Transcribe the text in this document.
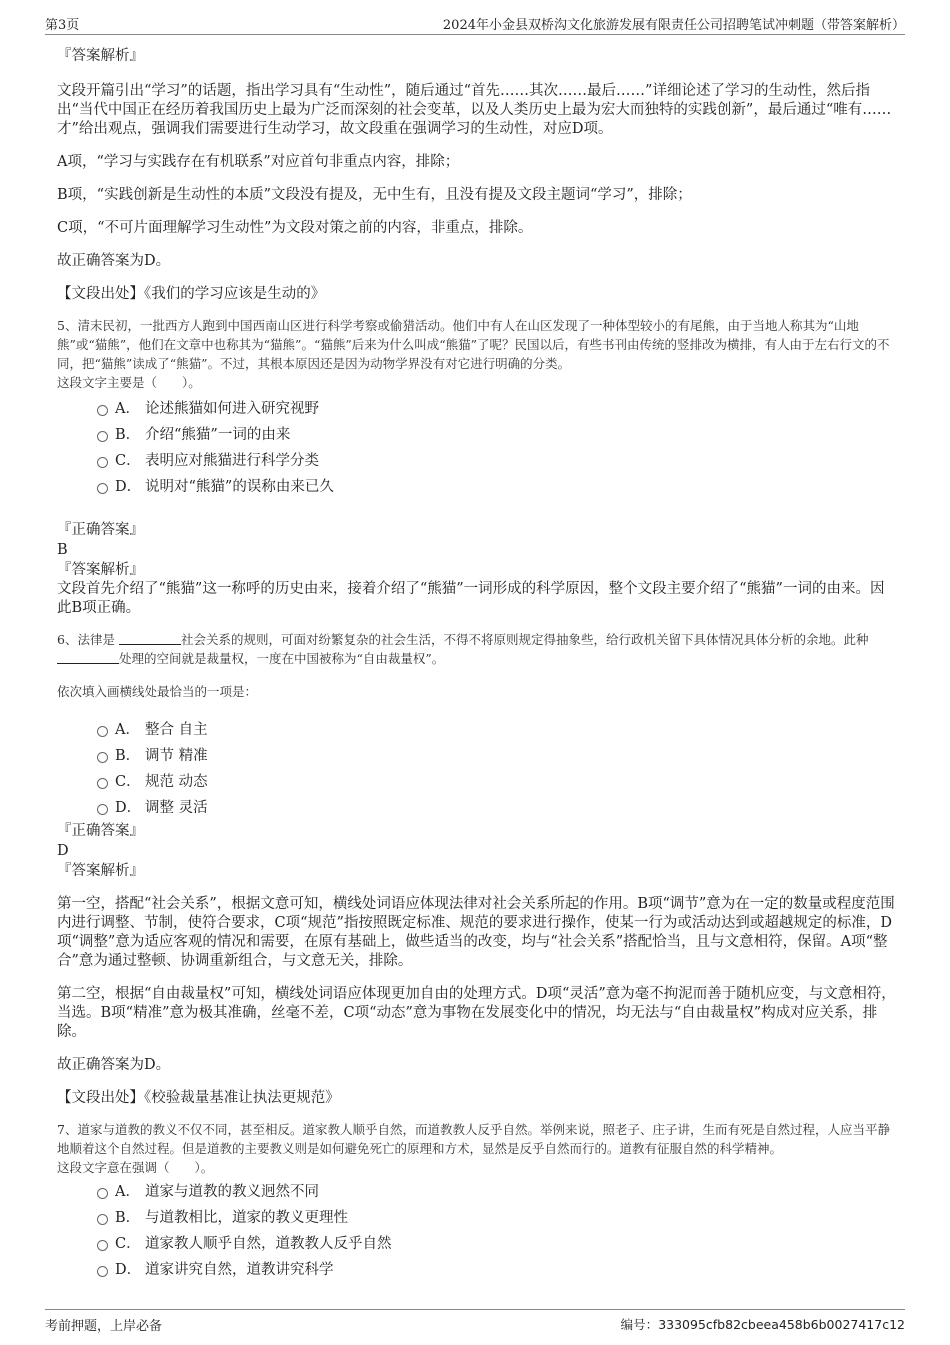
第3页	2024年小金县双桥沟文化旅游发展有限责任公司招聘笔试冲刺题（带答案解析）

『答案解析』

文段开篇引出“学习”的话题，指出学习具有“生动性”，随后通过“首先……其次……最后……”详细论述了学习的生动性，然后指出“当代中国正在经历着我国历史上最为广泛而深刻的社会变革，以及人类历史上最为宏大而独特的实践创新”，最后通过“唯有……才”给出观点，强调我们需要进行生动学习，故文段重在强调学习的生动性，对应D项。

A项，“学习与实践存在有机联系”对应首句非重点内容，排除；

B项，“实践创新是生动性的本质”文段没有提及，无中生有，且没有提及文段主题词“学习”，排除；

C项，“不可片面理解学习生动性”为文段对策之前的内容，非重点，排除。

故正确答案为D。

【文段出处】《我们的学习应该是生动的》

5、清末民初，一批西方人跑到中国西南山区进行科学考察或偷猎活动。他们中有人在山区发现了一种体型较小的有尾熊，由于当地人称其为“山地熊”或“猫熊”，他们在文章中也称其为“猫熊”。“猫熊”后来为什么叫成“熊猫”了呢？民国以后，有些书刊由传统的竖排改为横排，有人由于左右行文的不同，把“猫熊”读成了“熊猫”。不过，其根本原因还是因为动物学界没有对它进行明确的分类。

这段文字主要是（　　）。

A． 论述熊猫如何进入研究视野
B． 介绍“熊猫”一词的由来
C． 表明应对熊猫进行科学分类
D． 说明对“熊猫”的误称由来已久

『正确答案』

B

『答案解析』

文段首先介绍了“熊猫”这一称呼的历史由来，接着介绍了“熊猫”一词形成的科学原因，整个文段主要介绍了“熊猫”一词的由来。因此B项正确。

6、法律是	社会关系的规则，可面对纷繁复杂的社会生活，不得不将原则规定得抽象些，给行政机关留下具体情况具体分析的余地。此种 处理的空间就是裁量权，一度在中国被称为“自由裁量权”。

依次填入画横线处最恰当的一项是：

A． 整合 自主
B． 调节 精准
C． 规范 动态
D． 调整 灵活

『正确答案』

D

『答案解析』

第一空，搭配“社会关系”，根据文意可知，横线处词语应体现法律对社会关系所起的作用。B项“调节”意为在一定的数量或程度范围内进行调整、节制，使符合要求，C项“规范”指按照既定标准、规范的要求进行操作，使某一行为或活动达到或超越规定的标准，D项“调整”意为适应客观的情况和需要，在原有基础上，做些适当的改变，均与“社会关系”搭配恰当，且与文意相符，保留。A项“整合”意为通过整顿、协调重新组合，与文意无关，排除。

第二空，根据“自由裁量权”可知，横线处词语应体现更加自由的处理方式。D项“灵活”意为毫不拘泥而善于随机应变，与文意相符，当选。B项“精准”意为极其准确，丝毫不差，C项“动态”意为事物在发展变化中的情况，均无法与“自由裁量权”构成对应关系，排除。

故正确答案为D。

【文段出处】《校验裁量基准让执法更规范》

7、道家与道教的教义不仅不同，甚至相反。道家教人顺乎自然，而道教教人反乎自然。举例来说，照老子、庄子讲，生而有死是自然过程，人应当平静地顺着这个自然过程。但是道教的主要教义则是如何避免死亡的原理和方术，显然是反乎自然而行的。道教有征服自然的科学精神。

这段文字意在强调（　　）。

A． 道家与道教的教义迥然不同
B． 与道教相比，道家的教义更理性
C． 道家教人顺乎自然，道教教人反乎自然
D． 道家讲究自然，道教讲究科学
考前押题，上岸必备	编号：333095cfb82cbeea458b6b0027417c12
